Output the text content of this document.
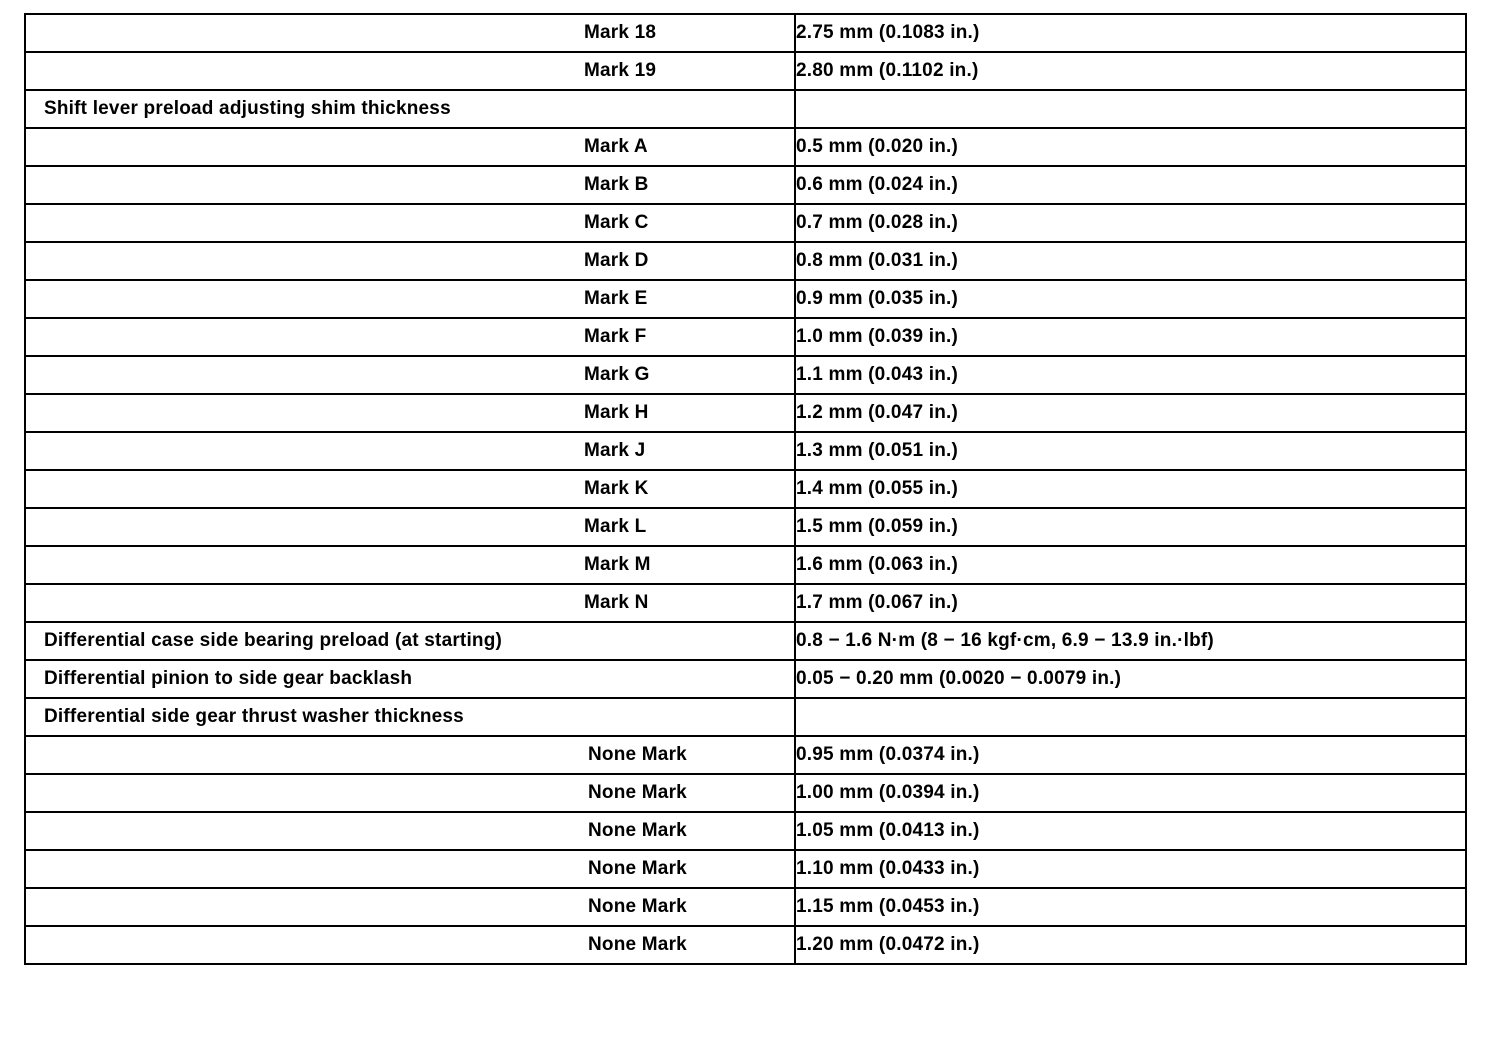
Mark 18	2.75 mm (0.1083 in.)
Mark 19	2.80 mm (0.1102 in.)
Shift lever preload adjusting shim thickness	
Mark A	0.5 mm (0.020 in.)
Mark B	0.6 mm (0.024 in.)
Mark C	0.7 mm (0.028 in.)
Mark D	0.8 mm (0.031 in.)
Mark E	0.9 mm (0.035 in.)
Mark F	1.0 mm (0.039 in.)
Mark G	1.1 mm (0.043 in.)
Mark H	1.2 mm (0.047 in.)
Mark J	1.3 mm (0.051 in.)
Mark K	1.4 mm (0.055 in.)
Mark L	1.5 mm (0.059 in.)
Mark M	1.6 mm (0.063 in.)
Mark N	1.7 mm (0.067 in.)
Differential case side bearing preload (at starting)	0.8 − 1.6 N·m (8 − 16 kgf·cm, 6.9 − 13.9 in.·lbf)
Differential pinion to side gear backlash	0.05 − 0.20 mm (0.0020 − 0.0079 in.)
Differential side gear thrust washer thickness	
None Mark	0.95 mm (0.0374 in.)
None Mark	1.00 mm (0.0394 in.)
None Mark	1.05 mm (0.0413 in.)
None Mark	1.10 mm (0.0433 in.)
None Mark	1.15 mm (0.0453 in.)
None Mark	1.20 mm (0.0472 in.)
